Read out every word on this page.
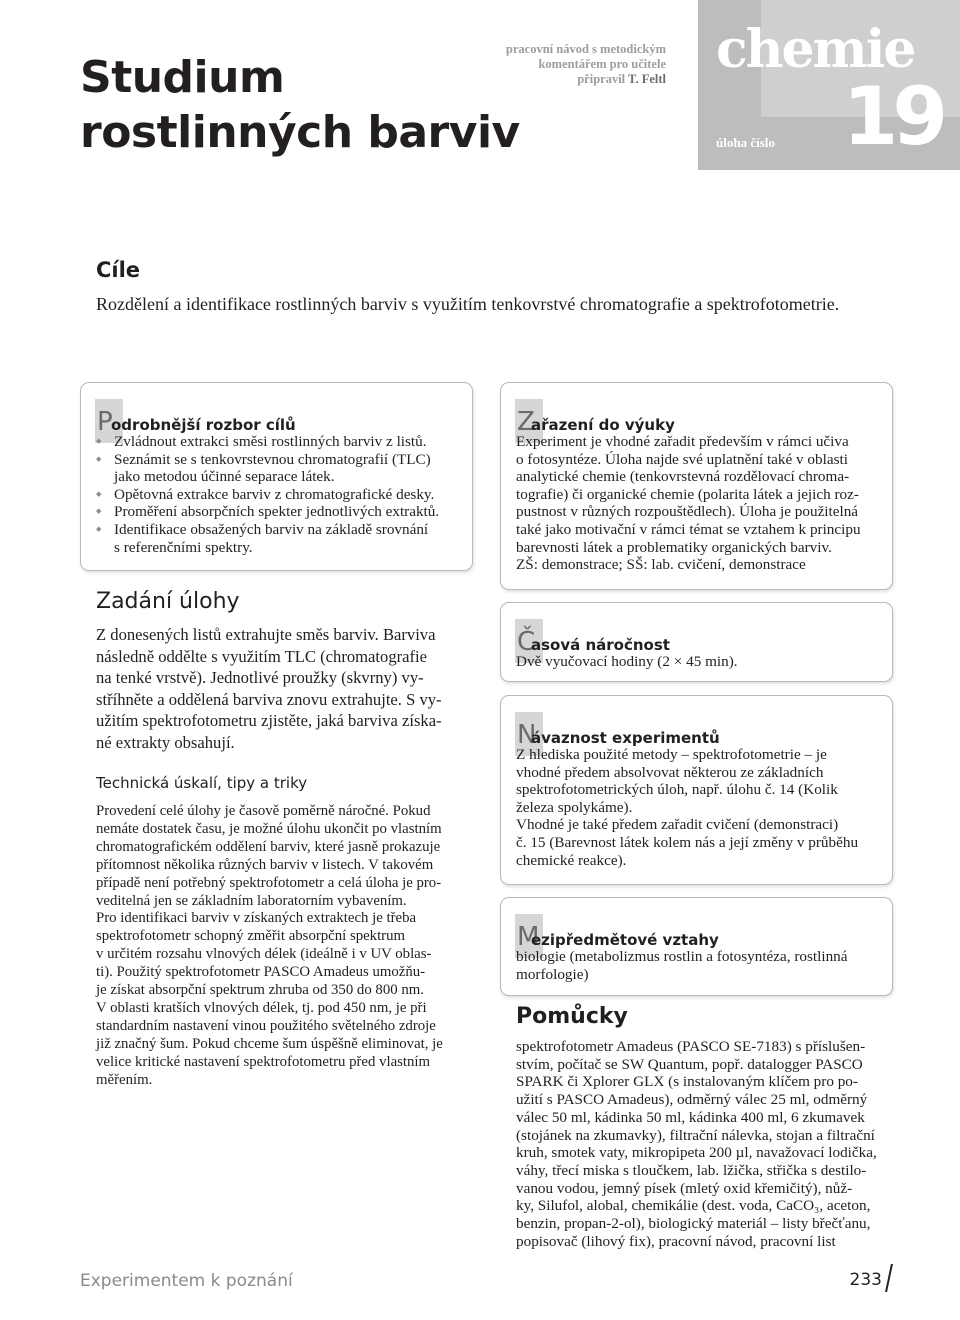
Studium
rostlinných barviv
pracovní návod s metodickým
komentářem pro učitele
připravil T. Feltl chemie
úloha číslo 19
Cíle

Rozdělení a identifikace rostlinných barviv s využitím tenkovrstvé chromatografie a spektrofotometrie.

P
odrobnější rozbor cílů
◆ Zvládnout extrakci směsi rostlinných barviv z listů.
◆ Seznámit se s tenkovrstevnou chromatografií (TLC)
jako metodou účinné separace látek.
◆ Opětovná extrakce barviv z chromatografické desky.
◆ Proměření absorpčních spekter jednotlivých extraktů.
◆ Identifikace obsažených barviv na základě srovnání
s referenčními spektry.
Z
ařazení do výuky
Experiment je vhodné zařadit především v rámci učiva
o fotosyntéze. Úloha najde své uplatnění také v oblasti
analytické chemie (tenkovrstevná rozdělovací chroma-
tografie) či organické chemie (polarita látek a jejich roz-
pustnost v různých rozpouštědlech). Úloha je použitelná
také jako motivační v rámci témat se vztahem k principu
barevnosti látek a problematiky organických barviv.
ZŠ: demonstrace; SŠ: lab. cvičení, demonstrace
Č
asová náročnost
Dvě vyučovací hodiny (2 × 45 min).
N
ávaznost experimentů
Z hlediska použité metody – spektrofotometrie – je
vhodné předem absolvovat některou ze základních
spektrofotometrických úloh, např. úlohu č. 14 (Kolik
železa spolykáme).
Vhodné je také předem zařadit cvičení (demonstraci)
č. 15 (Barevnost látek kolem nás a její změny v průběhu
chemické reakce).
M
ezipředmětové vztahy
biologie (metabolizmus rostlin a fotosyntéza, rostlinná
morfologie)
Zadání úlohy
Z donesených listů extrahujte směs barviv. Barviva
následně oddělte s využitím TLC (chromatografie
na tenké vrstvě). Jednotlivé proužky (skvrny) vy-
stříhněte a oddělená barviva znovu extrahujte. S vy-
užitím spektrofotometru zjistěte, jaká barviva získa-
né extrakty obsahují.
Technická úskalí, tipy a triky
Provedení celé úlohy je časově poměrně náročné. Pokud
nemáte dostatek času, je možné úlohu ukončit po vlastním
chromatografickém oddělení barviv, které jasně prokazuje
přítomnost několika různých barviv v listech. V takovém
případě není potřebný spektrofotometr a celá úloha je pro-
veditelná jen se základním laboratorním vybavením.
Pro identifikaci barviv v získaných extraktech je třeba
spektrofotometr schopný změřit absorpční spektrum
v určitém rozsahu vlnových délek (ideálně i v UV oblas-
ti). Použitý spektrofotometr PASCO Amadeus umožňu-
je získat absorpční spektrum zhruba od 350 do 800 nm.
V oblasti kratších vlnových délek, tj. pod 450 nm, je při
standardním nastavení vinou použitého světelného zdroje
již značný šum. Pokud chceme šum úspěšně eliminovat, je
velice kritické nastavení spektrofotometru před vlastním
měřením.
Pomůcky
spektrofotometr Amadeus (PASCO SE-7183) s příslušen-
stvím, počítač se SW Quantum, popř. datalogger PASCO
SPARK či Xplorer GLX (s instalovaným klíčem pro po-
užití s PASCO Amadeus), odměrný válec 25 ml, odměrný
válec 50 ml, kádinka 50 ml, kádinka 400 ml, 6 zkumavek
(stojánek na zkumavky), filtrační nálevka, stojan a filtrační
kruh, smotek vaty, mikropipeta 200 µl, navažovací lodička,
váhy, třecí miska s tloučkem, lab. lžička, střička s destilo-
vanou vodou, jemný písek (mletý oxid křemičitý), nůž-
ky, Silufol, alobal, chemikálie (dest. voda, CaCO₃, aceton,
benzin, propan-2-ol), biologický materiál – listy břečťanu,
popisovač (lihový fix), pracovní návod, pracovní list
Experimentem k poznání	233
